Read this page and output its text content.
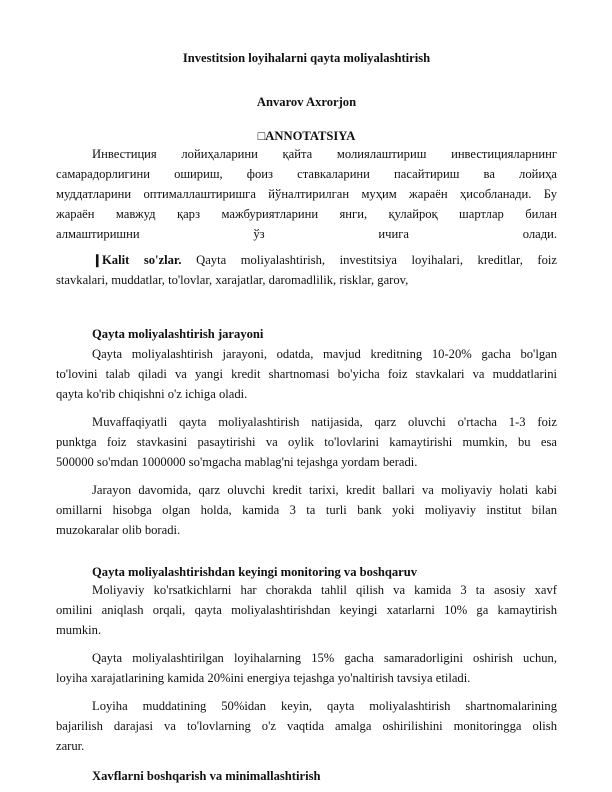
Investitsion loyihalarni qayta moliyalashtirish
Anvarov Axrorjon
□ANNOTATSIYA
Инвестиция лойиҳаларини қайта молиялаштириш инвестицияларнинг
самарадорлигини ошириш, фоиз ставкаларини пасайтириш ва лойиҳа
муддатларини оптималлаштиришга йўналтирилган муҳим жараён ҳисобланади. Бу
жараён мавжуд қарз мажбуриятларини янги, қулайроқ шартлар билан
алмаштиришни ўз ичига олади.
❙Kalit so'zlar. Qayta moliyalashtirish, investitsiya loyihalari, kreditlar, foiz
stavkalari, muddatlar, to'lovlar, xarajatlar, daromadlilik, risklar, garov,
Qayta moliyalashtirish jarayoni
Qayta moliyalashtirish jarayoni, odatda, mavjud kreditning 10-20% gacha bo'lgan
to'lovini talab qiladi va yangi kredit shartnomasi bo'yicha foiz stavkalari va muddatlarini
qayta ko'rib chiqishni o'z ichiga oladi.
Muvaffaqiyatli qayta moliyalashtirish natijasida, qarz oluvchi o'rtacha 1-3 foiz
punktga foiz stavkasini pasaytirishi va oylik to'lovlarini kamaytirishi mumkin, bu esa
500000 so'mdan 1000000 so'mgacha mablag'ni tejashga yordam beradi.
Jarayon davomida, qarz oluvchi kredit tarixi, kredit ballari va moliyaviy holati kabi
omillarni hisobga olgan holda, kamida 3 ta turli bank yoki moliyaviy institut bilan
muzokaralar olib boradi.
Qayta moliyalashtirishdan keyingi monitoring va boshqaruv
Moliyaviy ko'rsatkichlarni har chorakda tahlil qilish va kamida 3 ta asosiy xavf
omilini aniqlash orqali, qayta moliyalashtirishdan keyingi xatarlarni 10% ga kamaytirish
mumkin.
Qayta moliyalashtirilgan loyihalarning 15% gacha samaradorligini oshirish uchun,
loyiha xarajatlarining kamida 20%ini energiya tejashga yo'naltirish tavsiya etiladi.
Loyiha muddatining 50%idan keyin, qayta moliyalashtirish shartnomalarining
bajarilish darajasi va to'lovlarning o'z vaqtida amalga oshirilishini monitoringga olish
zarur.
Xavflarni boshqarish va minimallashtirish
